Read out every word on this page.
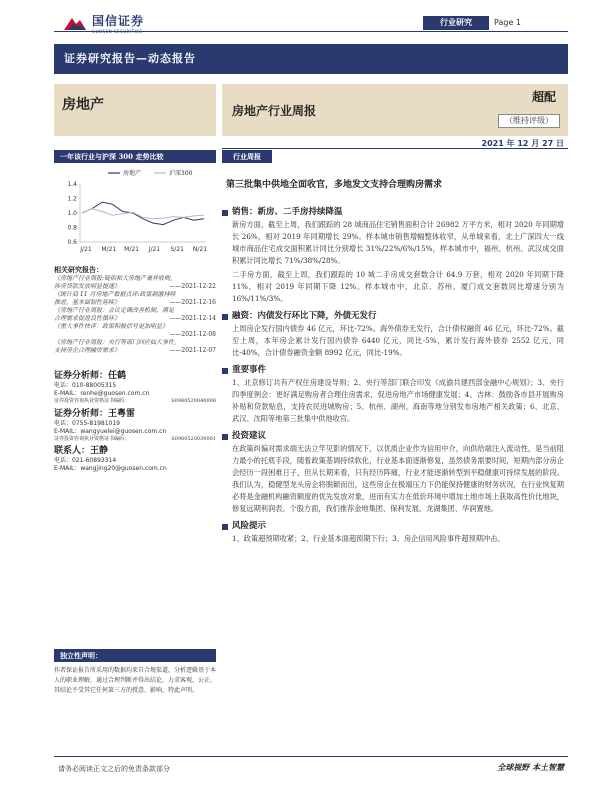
国信证券	行业研究	Page 1
证券研究报告—动态报告
房地产	房地产行业周报
超配
（维持评级）
2021 年 12 月 27 日
一年该行业与沪深 300 走势比较	行业周报
0.6
0.8
1.0
1.2
1.4
J/21 M/21 M/21 J/21 S/21 N/21
房地产	沪深300
相关研究报告：
《房地产行业周报:疑似和大房地产兼并收购,
涉房贷款发放明显提速》	——2021-12-22
《统计局 11 月房地产数据点评:政策刺激持续
推进，基本面韧性延续》	——2021-12-16
《房地产行业周报：会议定调改善机制，满足
合理需求促进良性循环》	——2021-12-14
《重大事件快评：政策积极信号更加明显》
——2021-12-08
《房地产行业周报：央行等部门回应仙大事件,
支持房企合理融资需求》	——2021-12-07
证券分析师：任鹤
电话：010-88005315
E-MAIL：renhe@guosen.com.cn
证券投资咨询执业资格证书编码：	S0980520040006
证券分析师：王粤雷
电话：0755-81981019
E-MAIL：wangyuelei@guosen.com.cn
证券投资咨询执业资格证书编码：	S0980520030001
联系人：王静
电话：021-60893314
E-MAIL：wangjing20@guosen.com.cn
独立性声明：
作者保证报告所采用的数据均来自合规渠道，分析逻辑基于本人的职业理解，通过合理判断并得出结论，力求客观、公正，其结论不受其它任何第三方的授意、影响，特此声明。
第三批集中供地全面收官，多地发文支持合理购房需求
销售：新房、二手房持续降温
新房方面，截至上周，我们跟踪的 28 城商品住宅销售面积合计 26982 万平方米，相对 2020 年同期增长 26%，相对 2019 年同期增长 29%。样本城市销售增幅整体收窄，从单城来看，北上广深四大一线城市商品住宅成交面积累计同比分别增长 31%/22%/6%/15%，样本城市中，福州、杭州、武汉成交面积累计同比增长 71%/38%/28%。
二手房方面，截至上周，我们跟踪的 10 城二手房成交套数合计 64.9 万套，相对 2020 年同期下降 11%，相对 2019 年同期下降 12%。样本城市中，北京、苏州、厦门成交套数同比增速分别为 16%/11%/3%。
融资：内债发行环比下降，外债无发行
上周房企发行国内债券 46 亿元，环比-72%。海外债券无发行，合计债权融资 46 亿元，环比-72%。截至上周，本年房企累计发行国内债券 6440 亿元，同比-5%，累计发行海外债券 2552 亿元，同比-40%，合计债券融资金额 8992 亿元，同比-19%。
重要事件
1、北京修订共有产权住房建设导则；2、央行等部门联合印发《成渝共建西部金融中心规划》；3、央行四季度例会：更好满足购房者合理住房需求，促进房地产市场健康发展；4、吉林：鼓励各市县开展购房补贴和贷款贴息，支持农民进城购房；5、杭州、湖州、海南等地分别发布房地产相关政策；6、北京、武汉、沈阳等地第三批集中供地收官。
投资建议
在政策纠偏对需求端无法立竿见影的情况下，以优质企业作为信用中介，向供给端注入流动性，是当前阻力最小的托底手段，随着政策基调持续软化，行业基本面逐渐修复，虽然债务需要时间，短期内部分房企会经历一段困难日子，但从长期来看，只有经历阵痛，行业才能逐渐转型到平稳健康可持续发展的阶段。我们认为，稳健型龙头房企将脱颖而出，这些房企在极端压力下仍能保持健康的财务状况，在行业恢复期必将是金融机构融资额度的优先发放对象，进而有实力在低价环境中增加土地市场上获取高性价比地块，修复远期利润表。个股方面，我们推荐金地集团、保利发展、龙湖集团、华润置地。
风险提示
1、政策超预期收紧；2、行业基本面超预期下行；3、房企信用风险事件超预期冲击。
请务必阅读正文之后的免责条款部分	全球视野 本土智慧
